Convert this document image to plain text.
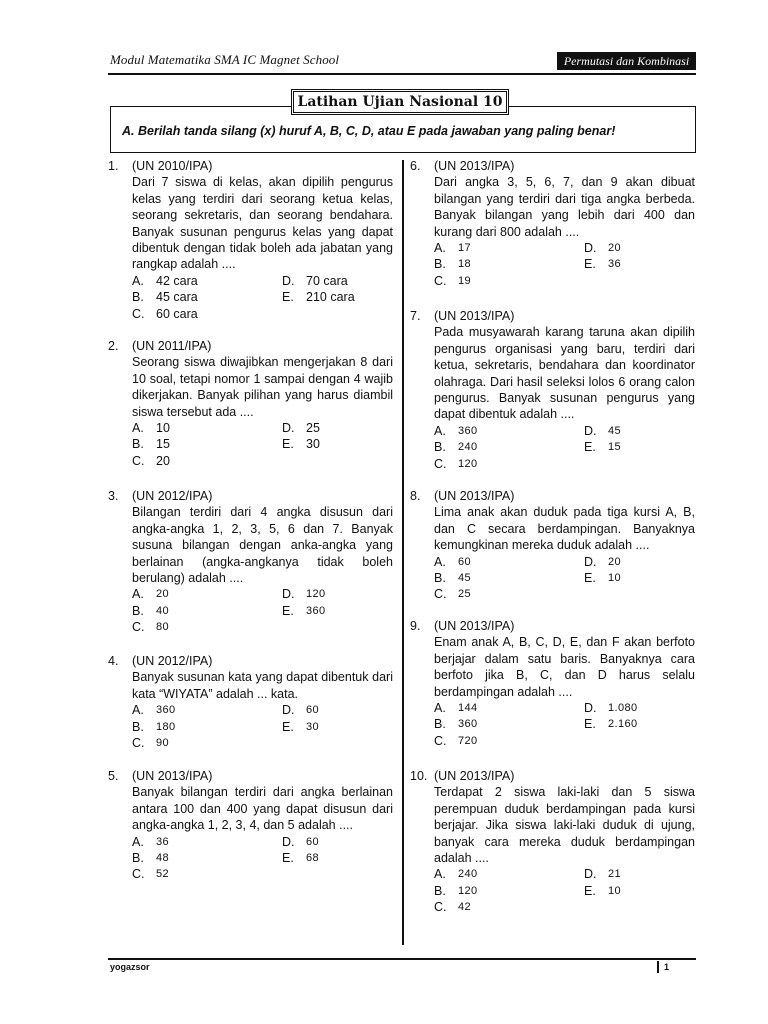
Modul Matematika SMA IC Magnet School	Permutasi dan Kombinasi
Latihan Ujian Nasional 10
A. Berilah tanda silang (x) huruf A, B, C, D, atau E pada jawaban yang paling benar!
1. (UN 2010/IPA)
Dari 7 siswa di kelas, akan dipilih pengurus kelas yang terdiri dari seorang ketua kelas, seorang sekretaris, dan seorang bendahara. Banyak susunan pengurus kelas yang dapat dibentuk dengan tidak boleh ada jabatan yang rangkap adalah ....
A. 42 cara	D. 70 cara
B. 45 cara	E. 210 cara
C. 60 cara
2. (UN 2011/IPA)
Seorang siswa diwajibkan mengerjakan 8 dari 10 soal, tetapi nomor 1 sampai dengan 4 wajib dikerjakan. Banyak pilihan yang harus diambil siswa tersebut ada ....
A. 10	D. 25
B. 15	E. 30
C. 20
3. (UN 2012/IPA)
Bilangan terdiri dari 4 angka disusun dari angka-angka 1, 2, 3, 5, 6 dan 7. Banyak susuna bilangan dengan anka-angka yang berlainan (angka-angkanya tidak boleh berulang) adalah ....
A.	20	D.	120
B.	40	E.	360
C.	80
4. (UN 2012/IPA)
Banyak susunan kata yang dapat dibentuk dari kata “WIYATA” adalah ... kata.
A.	360	D.	60
B.	180	E.	30
C.	90
5. (UN 2013/IPA)
Banyak bilangan terdiri dari angka berlainan antara 100 dan 400 yang dapat disusun dari angka-angka 1, 2, 3, 4, dan 5 adalah ....
A.	36	D.	60
B.	48	E.	68
C.	52
6. (UN 2013/IPA)
Dari angka 3, 5, 6, 7, dan 9 akan dibuat bilangan yang terdiri dari tiga angka berbeda. Banyak bilangan yang lebih dari 400 dan kurang dari 800 adalah ....
A.	17	D.	20
B.	18	E.	36
C.	19
7. (UN 2013/IPA)
Pada musyawarah karang taruna akan dipilih pengurus organisasi yang baru, terdiri dari ketua, sekretaris, bendahara dan koordinator olahraga. Dari hasil seleksi lolos 6 orang calon pengurus. Banyak susunan pengurus yang dapat dibentuk adalah ....
A.	360	D.	45
B.	240	E.	15
C.	120
8. (UN 2013/IPA)
Lima anak akan duduk pada tiga kursi A, B, dan C secara berdampingan. Banyaknya kemungkinan mereka duduk adalah ....
A.	60	D.	20
B.	45	E.	10
C.	25
9. (UN 2013/IPA)
Enam anak A, B, C, D, E, dan F akan berfoto berjajar dalam satu baris. Banyaknya cara berfoto jika B, C, dan D harus selalu berdampingan adalah ....
A.	144	D.	1.080
B.	360	E.	2.160
C.	720
10. (UN 2013/IPA)
Terdapat 2 siswa laki-laki dan 5 siswa perempuan duduk berdampingan pada kursi berjajar. Jika siswa laki-laki duduk di ujung, banyak cara mereka duduk berdampingan adalah ....
A.	240	D.	21
B.	120	E.	10
C.	42
yogazsor	1
